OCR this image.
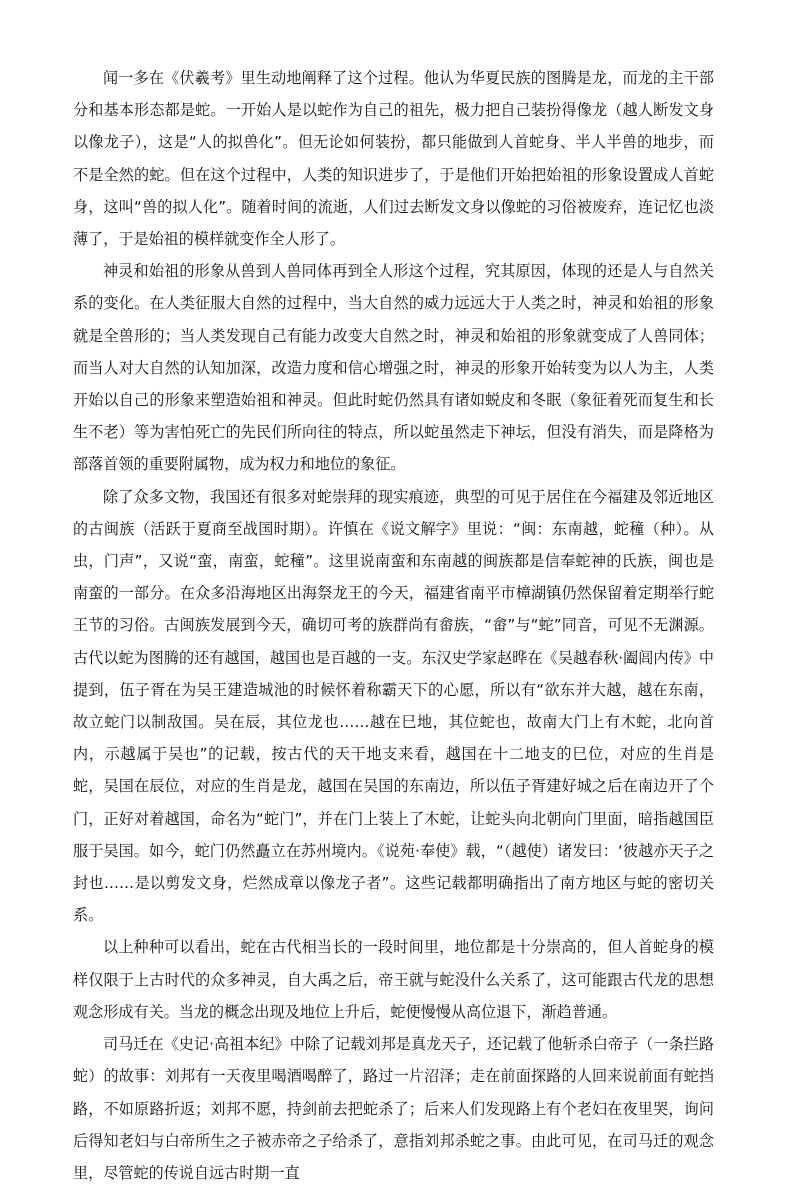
闻一多在《伏羲考》里生动地阐释了这个过程。他认为华夏民族的图腾是龙，而龙的主干部分和基本形态都是蛇。一开始人是以蛇作为自己的祖先，极力把自己装扮得像龙（越人断发文身以像龙子），这是“人的拟兽化”。但无论如何装扮，都只能做到人首蛇身、半人半兽的地步，而不是全然的蛇。但在这个过程中，人类的知识进步了，于是他们开始把始祖的形象设置成人首蛇身，这叫“兽的拟人化”。随着时间的流逝，人们过去断发文身以像蛇的习俗被废弃，连记忆也淡薄了，于是始祖的模样就变作全人形了。

神灵和始祖的形象从兽到人兽同体再到全人形这个过程，究其原因，体现的还是人与自然关系的变化。在人类征服大自然的过程中，当大自然的威力远远大于人类之时，神灵和始祖的形象就是全兽形的；当人类发现自己有能力改变大自然之时，神灵和始祖的形象就变成了人兽同体；而当人对大自然的认知加深，改造力度和信心增强之时，神灵的形象开始转变为以人为主，人类开始以自己的形象来塑造始祖和神灵。但此时蛇仍然具有诸如蜕皮和冬眠（象征着死而复生和长生不老）等为害怕死亡的先民们所向往的特点，所以蛇虽然走下神坛，但没有消失，而是降格为部落首领的重要附属物，成为权力和地位的象征。

除了众多文物，我国还有很多对蛇崇拜的现实痕迹，典型的可见于居住在今福建及邻近地区的古闽族（活跃于夏商至战国时期）。许慎在《说文解字》里说：“闽：东南越，蛇穜（种）。从虫，门声”，又说“蛮，南蛮，蛇穜”。这里说南蛮和东南越的闽族都是信奉蛇神的氏族，闽也是南蛮的一部分。在众多沿海地区出海祭龙王的今天，福建省南平市樟湖镇仍然保留着定期举行蛇王节的习俗。古闽族发展到今天，确切可考的族群尚有畲族，“畲”与“蛇”同音，可见不无渊源。古代以蛇为图腾的还有越国，越国也是百越的一支。东汉史学家赵晔在《吴越春秋·阖闾内传》中提到，伍子胥在为吴王建造城池的时候怀着称霸天下的心愿，所以有“欲东并大越，越在东南，故立蛇门以制敌国。吴在辰，其位龙也……越在巳地，其位蛇也，故南大门上有木蛇，北向首内，示越属于吴也”的记载，按古代的天干地支来看，越国在十二地支的巳位，对应的生肖是蛇，吴国在辰位，对应的生肖是龙，越国在吴国的东南边，所以伍子胥建好城之后在南边开了个门，正好对着越国，命名为“蛇门”，并在门上装上了木蛇，让蛇头向北朝向门里面，暗指越国臣服于吴国。如今，蛇门仍然矗立在苏州境内。《说苑·奉使》载，“（越使）诸发曰：‘彼越亦天子之封也……是以剪发文身，烂然成章以像龙子者”。这些记载都明确指出了南方地区与蛇的密切关系。

以上种种可以看出，蛇在古代相当长的一段时间里，地位都是十分崇高的，但人首蛇身的模样仅限于上古时代的众多神灵，自大禹之后，帝王就与蛇没什么关系了，这可能跟古代龙的思想观念形成有关。当龙的概念出现及地位上升后，蛇便慢慢从高位退下，渐趋普通。

司马迁在《史记·高祖本纪》中除了记载刘邦是真龙天子，还记载了他斩杀白帝子（一条拦路蛇）的故事：刘邦有一天夜里喝酒喝醉了，路过一片沼泽；走在前面探路的人回来说前面有蛇挡路，不如原路折返；刘邦不愿，持剑前去把蛇杀了；后来人们发现路上有个老妇在夜里哭，询问后得知老妇与白帝所生之子被赤帝之子给杀了，意指刘邦杀蛇之事。由此可见，在司马迁的观念里，尽管蛇的传说自远古时期一直
